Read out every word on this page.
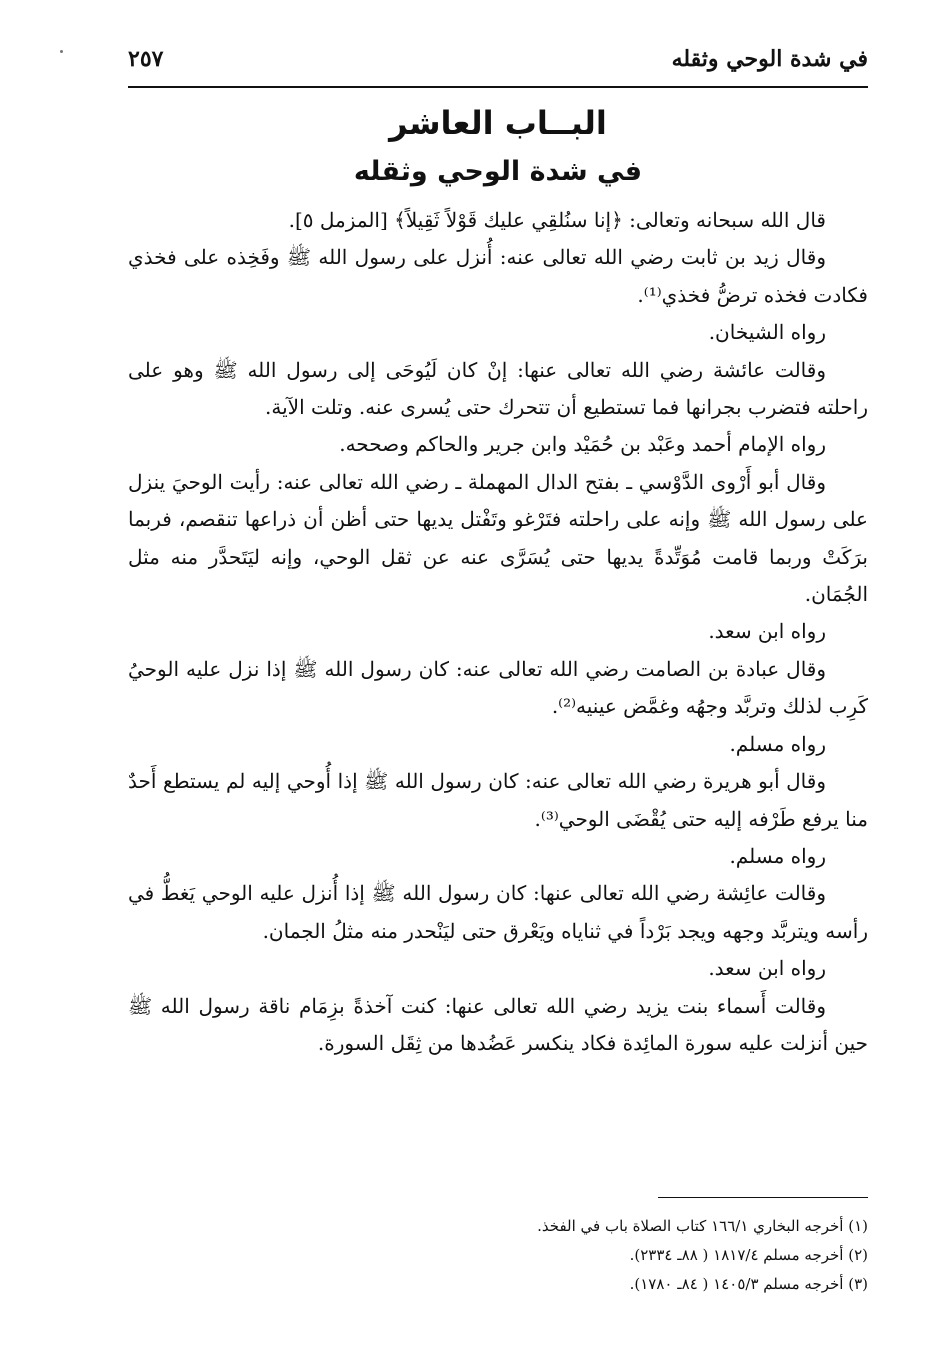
في شدة الوحي وثقله
٢٥٧
البــاب العاشر
في شدة الوحي وثقله

قال الله سبحانه وتعالى: ﴿إنا سنُلقِي عليك قَوْلاً ثَقِيلاً﴾ [المزمل ٥].

وقال زيد بن ثابت رضي الله تعالى عنه: أُنزل على رسول الله ﷺ وفَخِذه على فخذي فكادت فخذه ترضُّ فخذي⁽¹⁾.

رواه الشيخان.

وقالت عائشة رضي الله تعالى عنها: إنْ كان لَيُوحَى إلى رسول الله ﷺ وهو على راحلته فتضرب بجرانها فما تستطيع أن تتحرك حتى يُسرى عنه. وتلت الآية.

رواه الإمام أحمد وعَبْد بن حُمَيْد وابن جرير والحاكم وصححه.

وقال أبو أَرْوى الدَّوْسي ـ بفتح الدال المهملة ـ رضي الله تعالى عنه: رأيت الوحيَ ينزل على رسول الله ﷺ وإنه على راحلته فتَرْغو وتَفْتل يديها حتى أظن أن ذراعها تنقصم، فربما برَكَتْ وربما قامت مُوَتِّدةً يديها حتى يُسَرَّى عنه عن ثقل الوحي، وإنه ليَتَحدَّر منه مثل الجُمَان.

رواه ابن سعد.

وقال عبادة بن الصامت رضي الله تعالى عنه: كان رسول الله ﷺ إذا نزل عليه الوحيُ كَرِب لذلك وتربَّد وجهُه وغمَّض عينيه⁽²⁾.

رواه مسلم.

وقال أبو هريرة رضي الله تعالى عنه: كان رسول الله ﷺ إذا أُوحي إليه لم يستطع أَحدٌ منا يرفع طَرْفه إليه حتى يُقْضَى الوحي⁽³⁾.

رواه مسلم.

وقالت عائِشة رضي الله تعالى عنها: كان رسول الله ﷺ إذا أُنزل عليه الوحي يَغطُّ في رأسه ويتربَّد وجهه ويجد بَرْداً في ثناياه ويَعْرق حتى ليَنْحدر منه مثلُ الجمان.

رواه ابن سعد.

وقالت أَسماء بنت يزيد رضي الله تعالى عنها: كنت آخذةً بزِمَام ناقة رسول الله ﷺ حين أنزلت عليه سورة المائِدة فكاد ينكسر عَضُدها من ثِقَل السورة.

(١) أخرجه البخاري ١٦٦/١ كتاب الصلاة باب في الفخذ.
(٢) أخرجه مسلم ١٨١٧/٤ ( ٨٨ـ ٢٣٣٤).
(٣) أخرجه مسلم ١٤٠٥/٣ ( ٨٤ـ ١٧٨٠).
